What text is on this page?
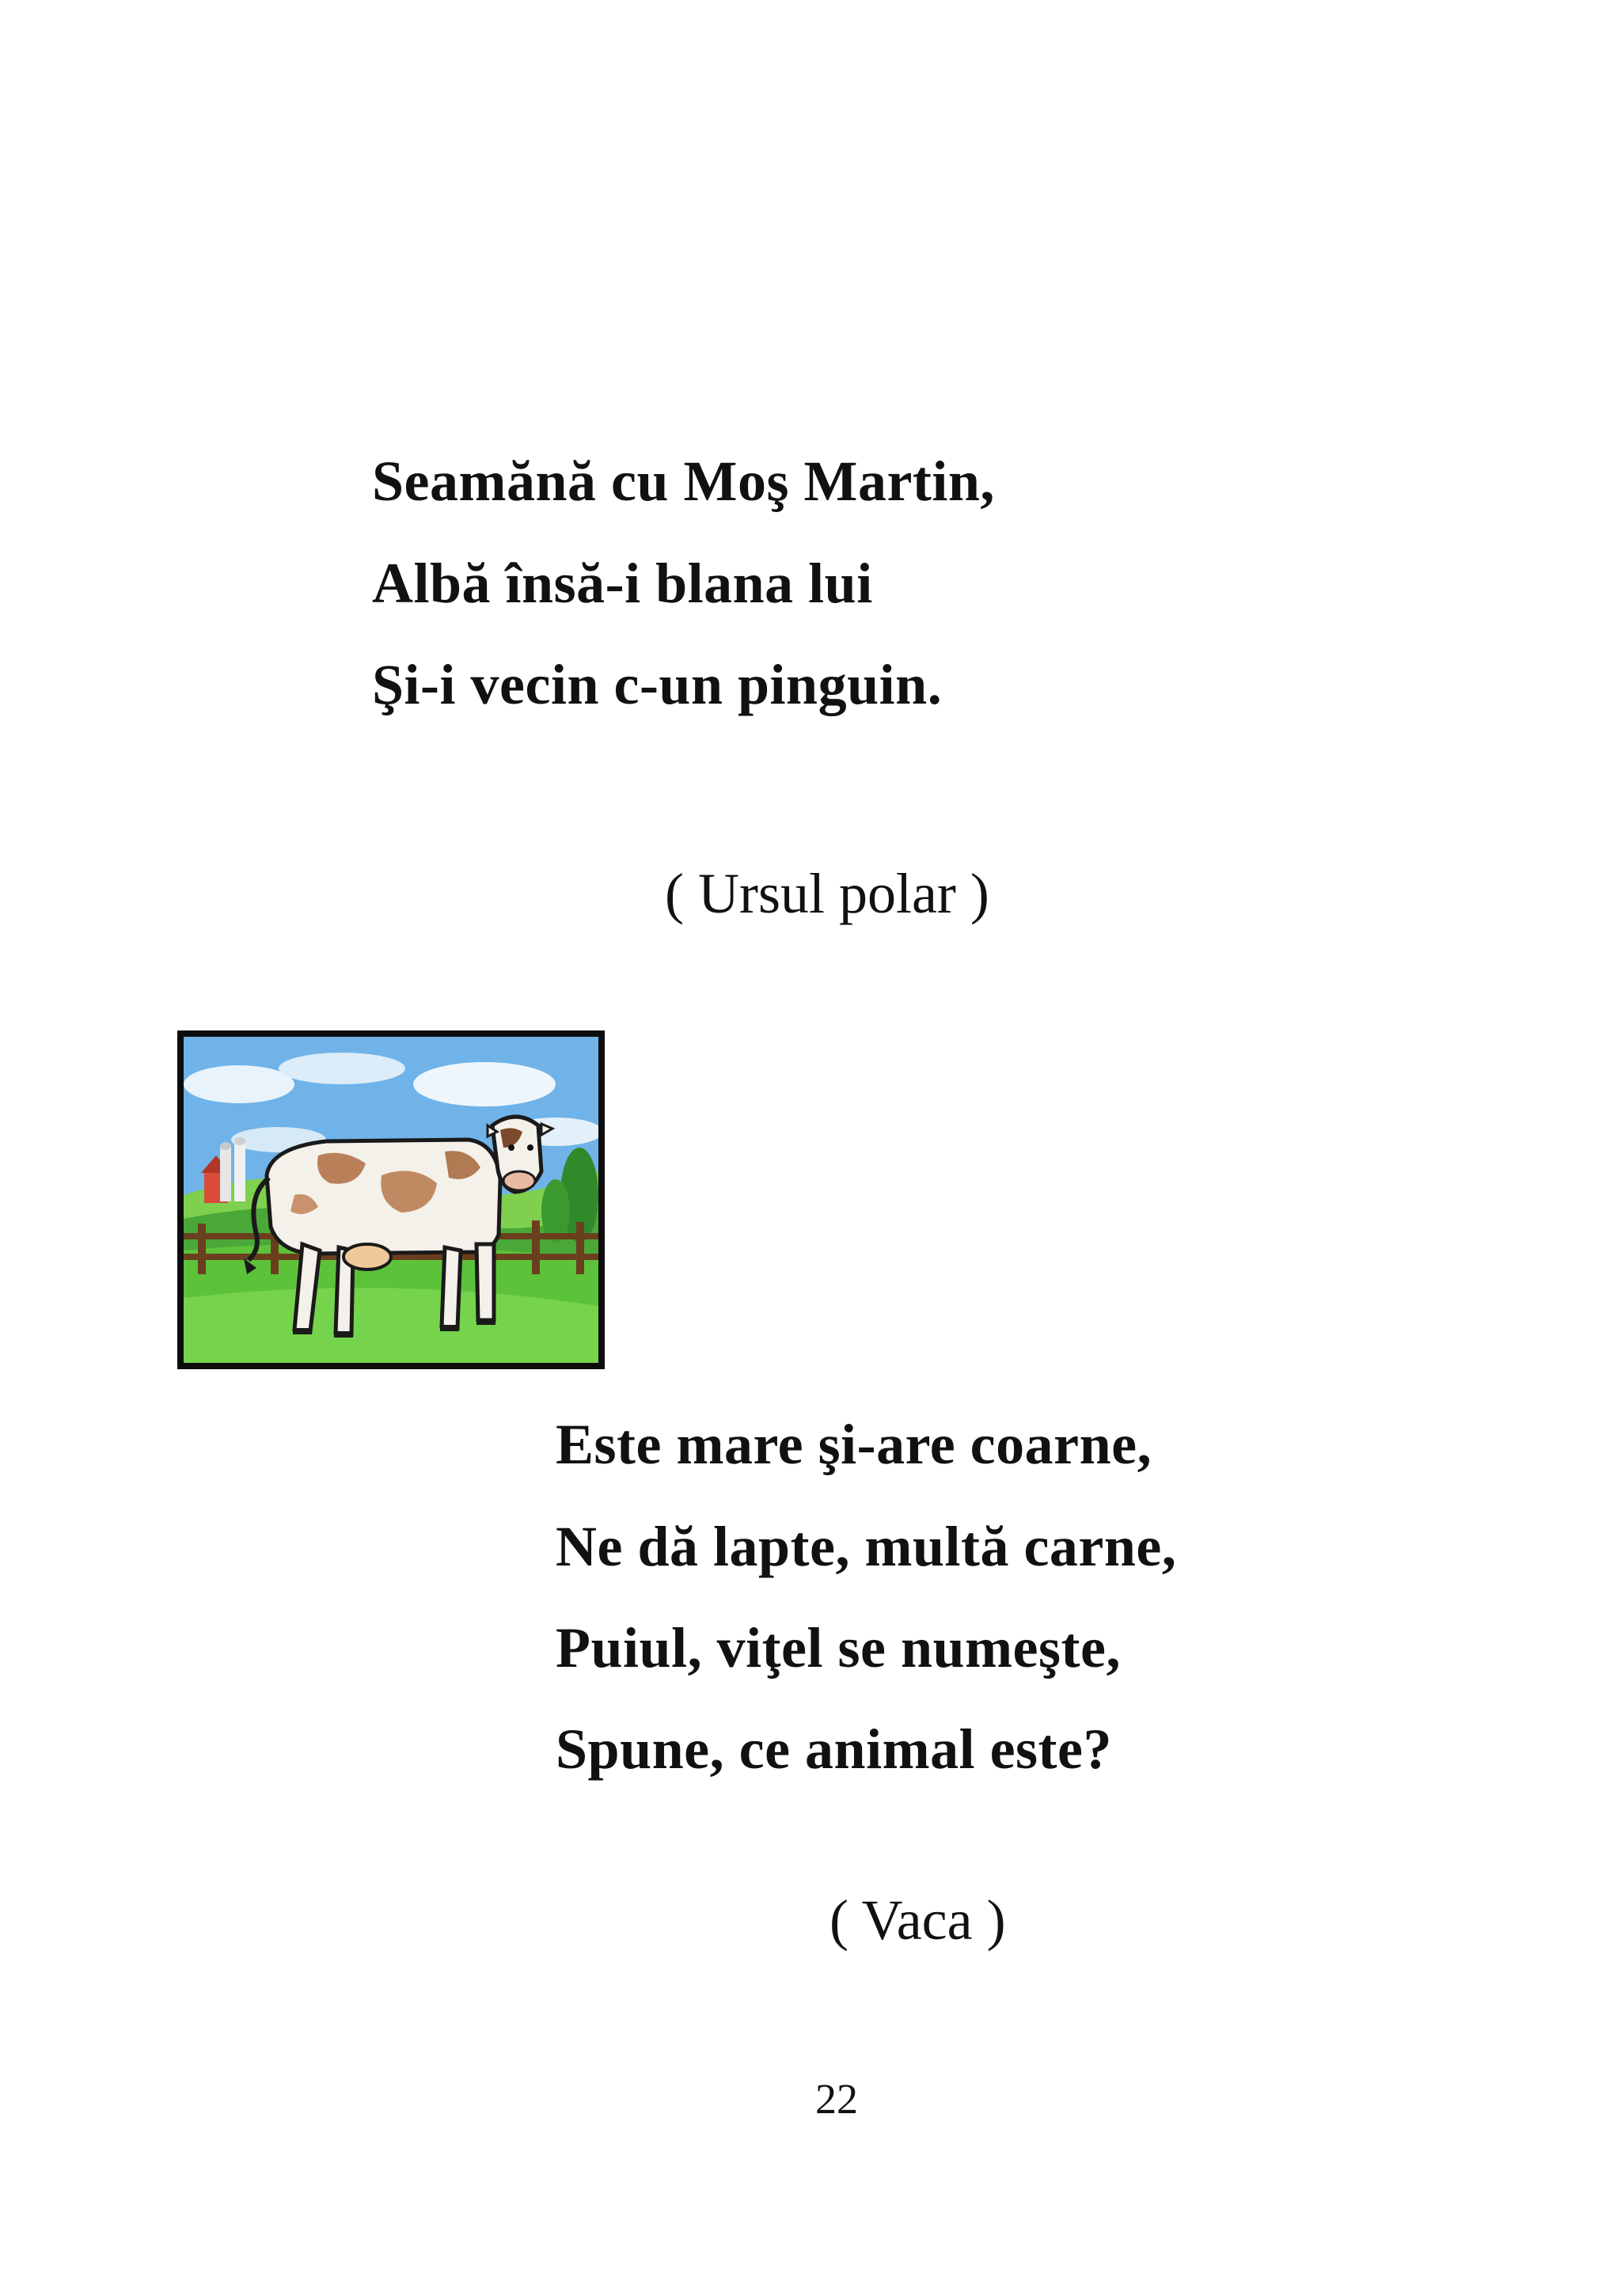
Seamănă cu Moş Martin,
Albă însă-i blana lui
Şi-i vecin c-un pinguin.
( Ursul polar )
Este mare şi-are coarne,
Ne dă lapte, multă carne,
Puiul, viţel se numeşte,
Spune, ce animal este?
( Vaca )
22
